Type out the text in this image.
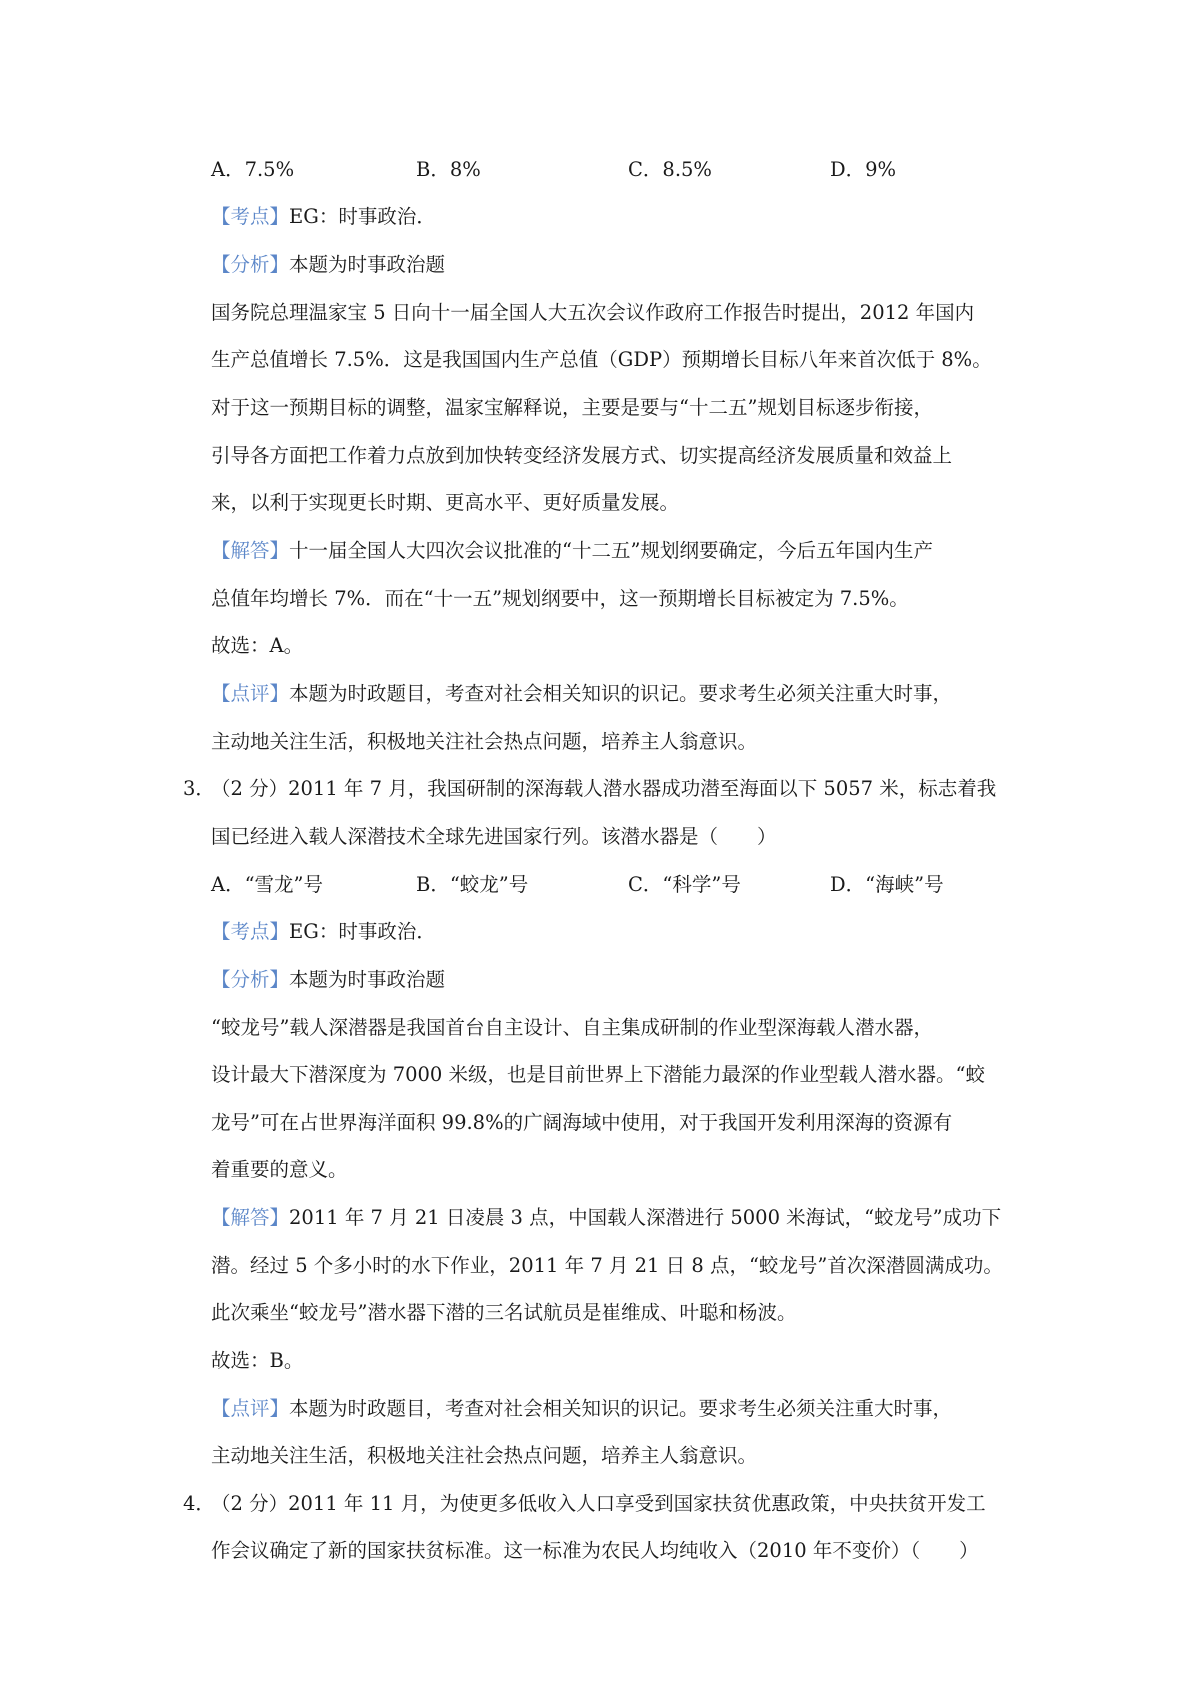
A．7.5%	B．8%	C．8.5%	D．9%
【考点】EG：时事政治．
【分析】本题为时事政治题
国务院总理温家宝 5 日向十一届全国人大五次会议作政府工作报告时提出，2012 年国内
生产总值增长 7.5%．这是我国国内生产总值（GDP）预期增长目标八年来首次低于 8%。
对于这一预期目标的调整，温家宝解释说，主要是要与“十二五”规划目标逐步衔接，
引导各方面把工作着力点放到加快转变经济发展方式、切实提高经济发展质量和效益上
来，以利于实现更长时期、更高水平、更好质量发展。
【解答】十一届全国人大四次会议批准的“十二五”规划纲要确定，今后五年国内生产
总值年均增长 7%．而在“十一五”规划纲要中，这一预期增长目标被定为 7.5%。
故选：A。
【点评】本题为时政题目，考查对社会相关知识的识记。要求考生必须关注重大时事，
主动地关注生活，积极地关注社会热点问题，培养主人翁意识。
3．
（2 分）2011 年 7 月，我国研制的深海载人潜水器成功潜至海面以下 5057 米，标志着我
国已经进入载人深潜技术全球先进国家行列。该潜水器是（　　）
A．“雪龙”号	B．“蛟龙”号	C．“科学”号	D．“海峡”号
【考点】EG：时事政治．
【分析】本题为时事政治题
“蛟龙号”载人深潜器是我国首台自主设计、自主集成研制的作业型深海载人潜水器，
设计最大下潜深度为 7000 米级，也是目前世界上下潜能力最深的作业型载人潜水器。“蛟
龙号”可在占世界海洋面积 99.8%的广阔海域中使用，对于我国开发利用深海的资源有
着重要的意义。
【解答】2011 年 7 月 21 日凌晨 3 点，中国载人深潜进行 5000 米海试，“蛟龙号”成功下
潜。经过 5 个多小时的水下作业，2011 年 7 月 21 日 8 点，“蛟龙号”首次深潜圆满成功。
此次乘坐“蛟龙号”潜水器下潜的三名试航员是崔维成、叶聪和杨波。
故选：B。
【点评】本题为时政题目，考查对社会相关知识的识记。要求考生必须关注重大时事，
主动地关注生活，积极地关注社会热点问题，培养主人翁意识。
4．
（2 分）2011 年 11 月，为使更多低收入人口享受到国家扶贫优惠政策，中央扶贫开发工
作会议确定了新的国家扶贫标准。这一标准为农民人均纯收入（2010 年不变价）（　　）
